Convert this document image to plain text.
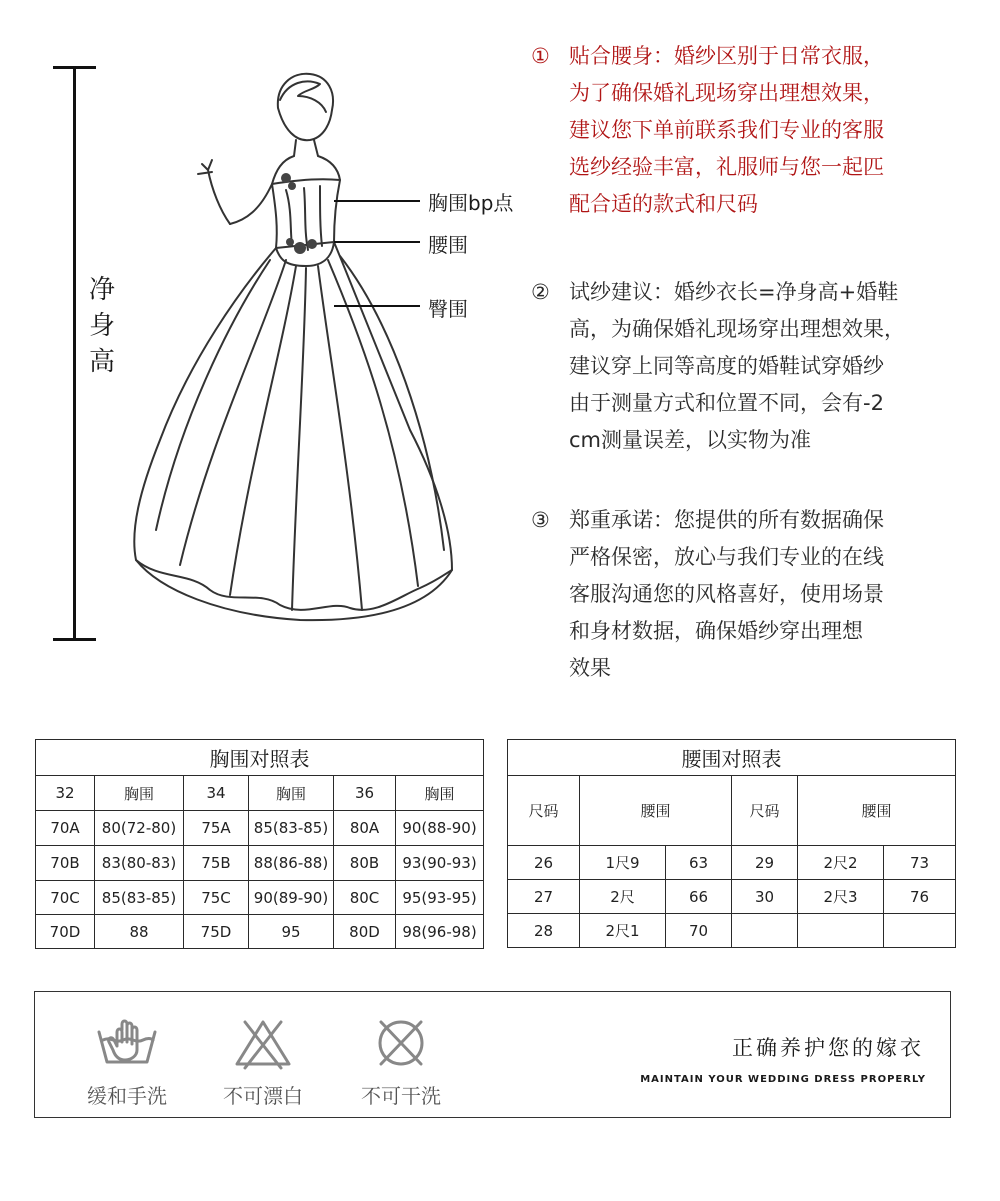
净
身
高
胸围bp点
腰围
臀围
① 贴合腰身：婚纱区别于日常衣服，
为了确保婚礼现场穿出理想效果，
建议您下单前联系我们专业的客服
选纱经验丰富，礼服师与您一起匹
配合适的款式和尺码
② 试纱建议：婚纱衣长=净身高+婚鞋
高，为确保婚礼现场穿出理想效果，
建议穿上同等高度的婚鞋试穿婚纱
由于测量方式和位置不同，会有-2
cm测量误差，以实物为准
③ 郑重承诺：您提供的所有数据确保
严格保密，放心与我们专业的在线
客服沟通您的风格喜好，使用场景
和身材数据，确保婚纱穿出理想
效果
胸围对照表					
32	胸围	34	胸围	36	胸围
70A	80(72-80)	75A	85(83-85)	80A	90(88-90)
70B	83(80-83)	75B	88(86-88)	80B	93(90-93)
70C	85(83-85)	75C	90(89-90)	80C	95(93-95)
70D	88	75D	95	80D	98(96-98)
腰围对照表					
尺码	腰围		尺码	腰围	
26	1尺9	63	29	2尺2	73
27	2尺	66	30	2尺3	76
28	2尺1	70			
缓和手洗	不可漂白	不可干洗
正确养护您的嫁衣
MAINTAIN YOUR WEDDING DRESS PROPERLY
